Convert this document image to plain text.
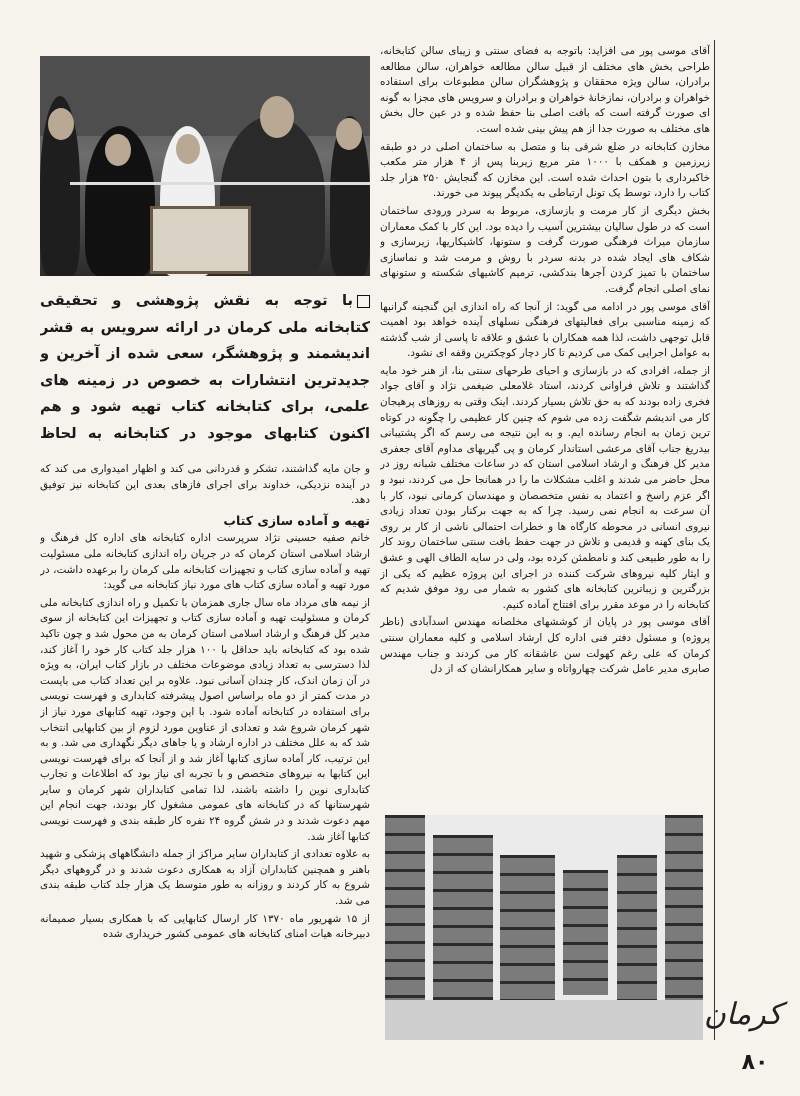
با توجه به نقش پژوهشی و تحقیقی کتابخانه ملی کرمان در ارائه سرویس به قشر اندیشمند و پژوهشگر، سعی شده از آخرین و جدیدترین انتشارات به خصوص در زمینه های علمی، برای کتابخانه کتاب تهیه شود و هم اکنون کتابهای موجود در کتابخانه به لحاظ

آقای موسی پور می افزاید: باتوجه به فضای سنتی و زیبای سالن کتابخانه، طراحی بخش های مختلف از قبیل سالن مطالعه خواهران، سالن مطالعه برادران، سالن ویژه محققان و پژوهشگران سالن مطبوعات برای استفاده خواهران و برادران، نمازخانهٔ خواهران و برادران و سرویس های مجزا به گونه ای صورت گرفته است که بافت اصلی بنا حفظ شده و در عین حال بخش های مختلف به صورت جدا از هم پیش بینی شده است.

مخازن کتابخانه در ضلع شرقی بنا و متصل به ساختمان اصلی در دو طبقه زیرزمین و همکف با ۱۰۰۰ متر مربع زیربنا پس از ۴ هزار متر مکعب خاکبرداری با بتون احداث شده است. این مخازن که گنجایش ۲۵۰ هزار جلد کتاب را دارد، توسط یک تونل ارتباطی به یکدیگر پیوند می خورند.

بخش دیگری از کار مرمت و بازسازی، مربوط به سردر ورودی ساختمان است که در طول سالیان بیشترین آسیب را دیده بود. این کار با کمک معماران سازمان میراث فرهنگی صورت گرفت و ستونها، کاشیکاریها، زیرسازی و شکاف های ایجاد شده در بدنه سردر با روش و مرمت شد و نماسازی ساختمان با تمیز کردن آجرها بندکشی، ترمیم کاشیهای شکسته و ستونهای نمای اصلی انجام گرفت.

آقای موسی پور در ادامه می گوید: از آنجا که راه اندازی این گنجینه گرانبها که زمینه مناسبی برای فعالیتهای فرهنگی نسلهای آینده خواهد بود اهمیت قابل توجهی داشت، لذا همه همکاران با عشق و علاقه تا پاسی از شب گذشته به عوامل اجرایی کمک می کردیم تا کار دچار کوچکترین وقفه ای نشود.

از جمله، افرادی که در بازسازی و احیای طرحهای سنتی بنا، از هنر خود مایه گذاشتند و تلاش فراوانی کردند، استاد غلامعلی ضیغمی نژاد و آقای جواد فخری زاده بودند که به حق تلاش بسیار کردند. اینک وقتی به روزهای پرهیجان کار می اندیشم شگفت زده می شوم که چنین کار عظیمی را چگونه در کوتاه ترین زمان به انجام رسانده ایم. و به این نتیجه می رسم که اگر پشتیبانی بیدریغ جناب آقای مرعشی استاندار کرمان و پی گیریهای مداوم آقای جعفری مدیر کل فرهنگ و ارشاد اسلامی استان که در ساعات مختلف شبانه روز در محل حاضر می شدند و اغلب مشکلات ما را در همانجا حل می کردند، نبود و اگر عزم راسخ و اعتماد به نفس متخصصان و مهندسان کرمانی نبود، کار با آن سرعت به انجام نمی رسید. چرا که به جهت برکنار بودن تعداد زیادی نیروی انسانی در محوطه کارگاه ها و خطرات احتمالی ناشی از کار بر روی یک بنای کهنه و قدیمی و تلاش در جهت حفظ بافت سنتی ساختمان روند کار را به طور طبیعی کند و نامطمئن کرده بود، ولی در سایه الطاف الهی و عشق و ایثار کلیه نیروهای شرکت کننده در اجرای این پروژه عظیم که یکی از بزرگترین و زیباترین کتابخانه های کشور به شمار می رود موفق شدیم که کتابخانه را در موعد مقرر برای افتتاح آماده کنیم.

آقای موسی پور در پایان از کوششهای مخلصانه مهندس اسدآبادی (ناظر پروژه) و مسئول دفتر فنی اداره کل ارشاد اسلامی و کلیه معماران سنتی کرمان که علی رغم کهولت سن عاشقانه کار می کردند و جناب مهندس صابری مدیر عامل شرکت چهارواتاه و سایر همکارانشان که از دل

و جان مایه گذاشتند، تشکر و قدردانی می کند و اظهار امیدواری می کند که در آینده نزدیکی، خداوند برای اجرای فازهای بعدی این کتابخانه نیز توفیق دهد.

تهیه و آماده سازی کتاب

خانم صفیه حسینی نژاد سرپرست اداره کتابخانه های اداره کل فرهنگ و ارشاد اسلامی استان کرمان که در جریان راه اندازی کتابخانه ملی مسئولیت تهیه و آماده سازی کتاب و تجهیزات کتابخانه ملی کرمان را برعهده داشت، در مورد تهیه و آماده سازی کتاب های مورد نیاز کتابخانه می گوید:

از نیمه های مرداد ماه سال جاری همزمان با تکمیل و راه اندازی کتابخانه ملی کرمان و مسئولیت تهیه و آماده سازی کتاب و تجهیزات این کتابخانه از سوی مدیر کل فرهنگ و ارشاد اسلامی استان کرمان به من محول شد و چون تاکید شده بود که کتابخانه باید حداقل با ۱۰۰ هزار جلد کتاب کار خود را آغاز کند، لذا دسترسی به تعداد زیادی موضوعات مختلف در بازار کتاب ایران، به ویژه در آن زمان اندک، کار چندان آسانی نبود. علاوه بر این تعداد کتاب می بایست در مدت کمتر از دو ماه براساس اصول پیشرفته کتابداری و فهرست نویسی برای استفاده در کتابخانه آماده شود. با این وجود، تهیه کتابهای مورد نیاز از شهر کرمان شروع شد و تعدادی از عناوین مورد لزوم از بین کتابهایی انتخاب شد که به علل مختلف در اداره ارشاد و یا جاهای دیگر نگهداری می شد. و به این ترتیب، کار آماده سازی کتابها آغاز شد و از آنجا که برای فهرست نویسی این کتابها به نیروهای متخصص و با تجربه ای نیاز بود که اطلاعات و تجارب کتابداری نوین را داشته باشند، لذا تمامی کتابداران شهر کرمان و سایر شهرستانها که در کتابخانه های عمومی مشغول کار بودند، جهت انجام این مهم دعوت شدند و در شش گروه ۲۴ نفره کار طبقه بندی و فهرست نویسی کتابها آغاز شد.

به علاوه تعدادی از کتابداران سایر مراکز از جمله دانشگاههای پزشکی و شهید باهنر و همچنین کتابداران آزاد به همکاری دعوت شدند و در گروههای دیگر شروع به کار کردند و روزانه به طور متوسط یک هزار جلد کتاب طبقه بندی می شد.

از ۱۵ شهریور ماه ۱۳۷۰ کار ارسال کتابهایی که با همکاری بسیار صمیمانه دبیرخانه هیات امنای کتابخانه های عمومی کشور خریداری شده

کرمان
۸۰
